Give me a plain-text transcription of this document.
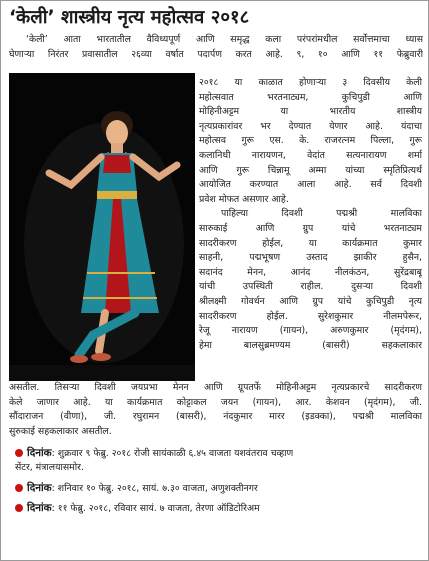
‘केली’ शास्त्रीय नृत्य महोत्सव २०१८
‘केली’ आता भारतातील वैविध्यपूर्ण आणि समृद्ध कला परंपरांमधील सर्वोत्तमाचा ध्यास
घेणाऱ्या निरंतर प्रवासातील २६व्या वर्षात पदार्पण करत आहे. ९, १० आणि ११ फेब्रुवारी
२०१८ या काळात होणाऱ्या ३ दिवसीय केली
महोत्सवात भरतनाट्यम, कुचिपुडी आणि
मोहिनीअट्टम या भारतीय शास्त्रीय
नृत्यप्रकारांवर भर देण्यात येणार आहे. यंदाचा
महोत्सव गुरू एस. के. राजरत्नम पिल्ला, गुरू
कलानिधी नारायणन, वेदांत सत्यनारायण शर्मा
आणि गुरू चिन्नामू अम्मा यांच्या स्मृतिप्रित्यर्थ
आयोजित करण्यात आला आहे. सर्व दिवशी
प्रवेश मोफत असणार आहे.
पाहिल्या दिवशी पद्मश्री मालविका
सारुकाई आणि ग्रुप यांचे भरतनाट्यम
सादरीकरण होईल, या कार्यक्रमात कुमार
साहनी, पद्मभूषण उस्ताद झाकीर हुसैन,
सदानंद मेनन, आनंद नीलकंठन, सुरेंद्रबाबू
यांची उपस्थिती राहील. दुसऱ्या दिवशी
श्रीलक्ष्मी गोवर्धन आणि ग्रुप यांचे कुचिपुडी नृत्य
सादरीकरण होईल. सुरेशकुमार नीलमपेरूर,
रेजू नारायण (गायन), अरुणकुमार (मृदंगम),
हेमा बालसुब्रमण्यम (बासरी) सहकलाकार
असतील. तिसऱ्या दिवशी जयप्रभा मेनन आणि ग्रूपतर्फे मोहिनीअट्टम नृत्यप्रकारचे सादरीकरण
केले जाणार आहे. या कार्यक्रमात कोट्टाकल जयन (गायन), आर. केशवन (मृदंगम), जी.
सौंदाराजन (वीणा), जी. रघुरामन (बासरी), नंदकुमार मारर (इडक्का), पद्मश्री मालविका
सुरुकाई सहकलाकार असतील.
दिनांक: शुक्रवार ९ फेब्रु. २०१८ रोजी सायंकाळी ६.४५ वाजता यशवंतराव चव्हाण
सेंटर, मंत्रालयासमोर.
दिनांक: शनिवार १० फेब्रु. २०१८, सायं. ७.३० वाजता, अणुशक्तीनगर
दिनांक: ११ फेब्रु. २०१८, रविवार सायं. ७ वाजता, तेरणा ऑडिटोरिअम
